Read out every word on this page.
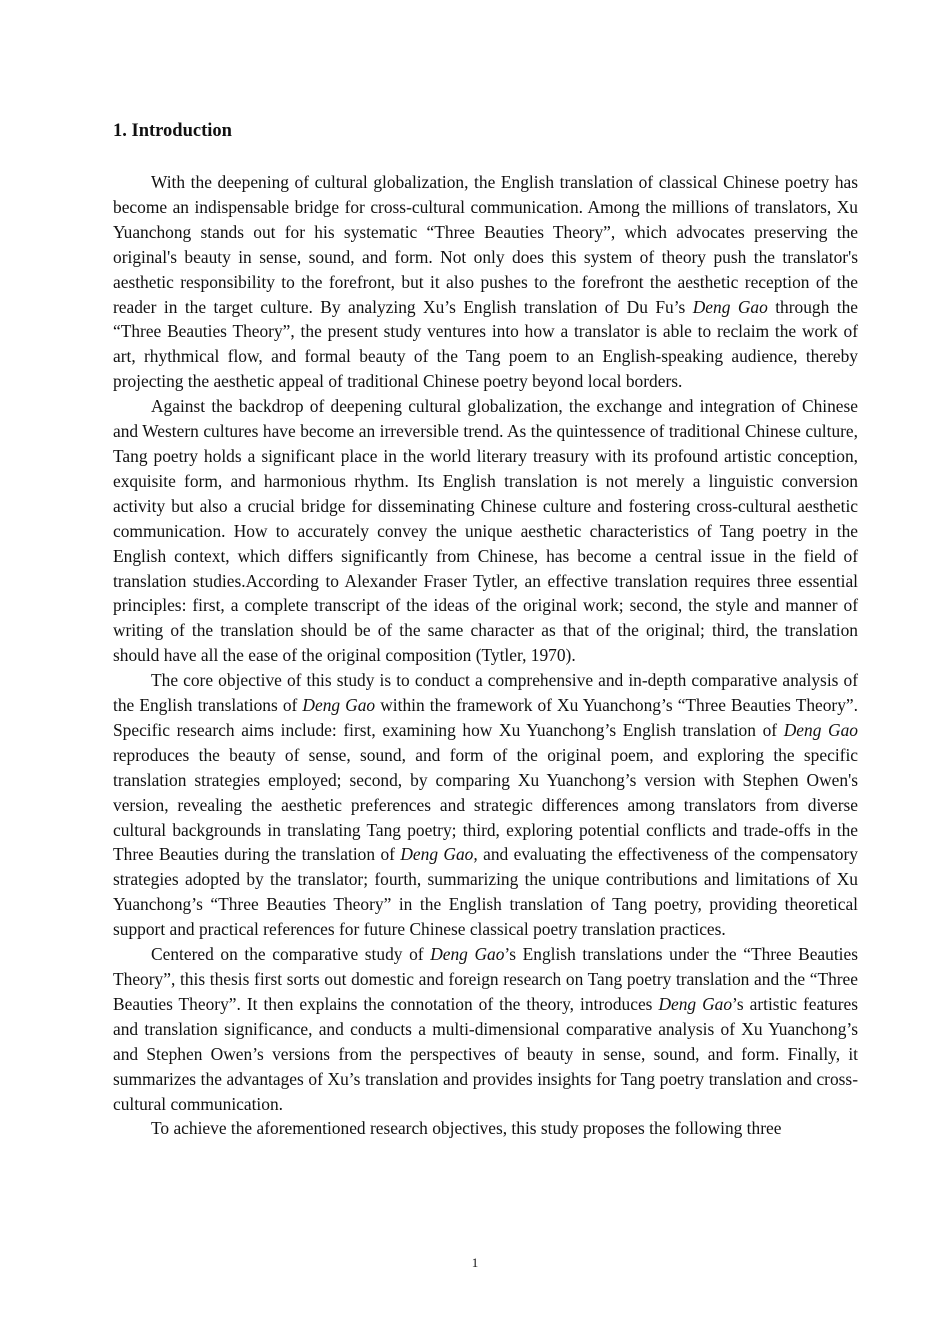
1. Introduction

With the deepening of cultural globalization, the English translation of classical Chinese poetry has become an indispensable bridge for cross-cultural communication. Among the millions of translators, Xu Yuanchong stands out for his systematic “Three Beauties Theory”, which advocates preserving the original's beauty in sense, sound, and form. Not only does this system of theory push the translator's aesthetic responsibility to the forefront, but it also pushes to the forefront the aesthetic reception of the reader in the target culture. By analyzing Xu’s English translation of Du Fu’s Deng Gao through the “Three Beauties Theory”, the present study ventures into how a translator is able to reclaim the work of art, rhythmical flow, and formal beauty of the Tang poem to an English-speaking audience, thereby projecting the aesthetic appeal of traditional Chinese poetry beyond local borders.

Against the backdrop of deepening cultural globalization, the exchange and integration of Chinese and Western cultures have become an irreversible trend. As the quintessence of traditional Chinese culture, Tang poetry holds a significant place in the world literary treasury with its profound artistic conception, exquisite form, and harmonious rhythm. Its English translation is not merely a linguistic conversion activity but also a crucial bridge for disseminating Chinese culture and fostering cross-cultural aesthetic communication. How to accurately convey the unique aesthetic characteristics of Tang poetry in the English context, which differs significantly from Chinese, has become a central issue in the field of translation studies.According to Alexander Fraser Tytler, an effective translation requires three essential principles: first, a complete transcript of the ideas of the original work; second, the style and manner of writing of the translation should be of the same character as that of the original; third, the translation should have all the ease of the original composition (Tytler, 1970).

The core objective of this study is to conduct a comprehensive and in-depth comparative analysis of the English translations of Deng Gao within the framework of Xu Yuanchong’s “Three Beauties Theory”. Specific research aims include: first, examining how Xu Yuanchong’s English translation of Deng Gao reproduces the beauty of sense, sound, and form of the original poem, and exploring the specific translation strategies employed; second, by comparing Xu Yuanchong’s version with Stephen Owen's version, revealing the aesthetic preferences and strategic differences among translators from diverse cultural backgrounds in translating Tang poetry; third, exploring potential conflicts and trade-offs in the Three Beauties during the translation of Deng Gao, and evaluating the effectiveness of the compensatory strategies adopted by the translator; fourth, summarizing the unique contributions and limitations of Xu Yuanchong’s “Three Beauties Theory” in the English translation of Tang poetry, providing theoretical support and practical references for future Chinese classical poetry translation practices.

Centered on the comparative study of Deng Gao’s English translations under the “Three Beauties Theory”, this thesis first sorts out domestic and foreign research on Tang poetry translation and the “Three Beauties Theory”. It then explains the connotation of the theory, introduces Deng Gao’s artistic features and translation significance, and conducts a multi-dimensional comparative analysis of Xu Yuanchong’s and Stephen Owen’s versions from the perspectives of beauty in sense, sound, and form. Finally, it summarizes the advantages of Xu’s translation and provides insights for Tang poetry translation and cross-cultural communication.

To achieve the aforementioned research objectives, this study proposes the following three

1
